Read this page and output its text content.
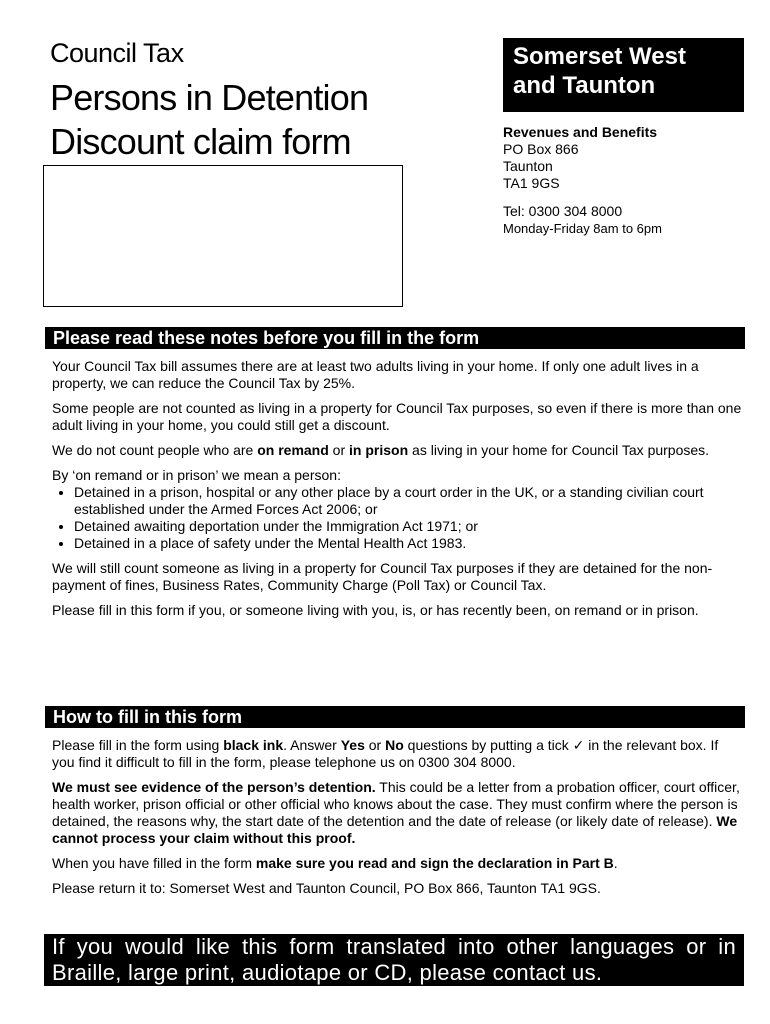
Council Tax
Persons in Detention
Discount claim form
Somerset West
and Taunton
Revenues and Benefits
PO Box 866
Taunton
TA1 9GS
Tel: 0300 304 8000
Monday-Friday 8am to 6pm
Please read these notes before you fill in the form

Your Council Tax bill assumes there are at least two adults living in your home. If only one adult lives in a property, we can reduce the Council Tax by 25%.

Some people are not counted as living in a property for Council Tax purposes, so even if there is more than one adult living in your home, you could still get a discount.

We do not count people who are on remand or in prison as living in your home for Council Tax purposes.

By ‘on remand or in prison’ we mean a person:

• Detained in a prison, hospital or any other place by a court order in the UK, or a standing civilian court established under the Armed Forces Act 2006; or
• Detained awaiting deportation under the Immigration Act 1971; or
• Detained in a place of safety under the Mental Health Act 1983.

We will still count someone as living in a property for Council Tax purposes if they are detained for the non-payment of fines, Business Rates, Community Charge (Poll Tax) or Council Tax.

Please fill in this form if you, or someone living with you, is, or has recently been, on remand or in prison.

How to fill in this form

Please fill in the form using black ink. Answer Yes or No questions by putting a tick ✓ in the relevant box. If you find it difficult to fill in the form, please telephone us on 0300 304 8000.

We must see evidence of the person’s detention. This could be a letter from a probation officer, court officer, health worker, prison official or other official who knows about the case. They must confirm where the person is detained, the reasons why, the start date of the detention and the date of release (or likely date of release). We cannot process your claim without this proof.

When you have filled in the form make sure you read and sign the declaration in Part B.

Please return it to: Somerset West and Taunton Council, PO Box 866, Taunton TA1 9GS.

If you would like this form translated into other languages or in Braille, large print, audiotape or CD, please contact us.
